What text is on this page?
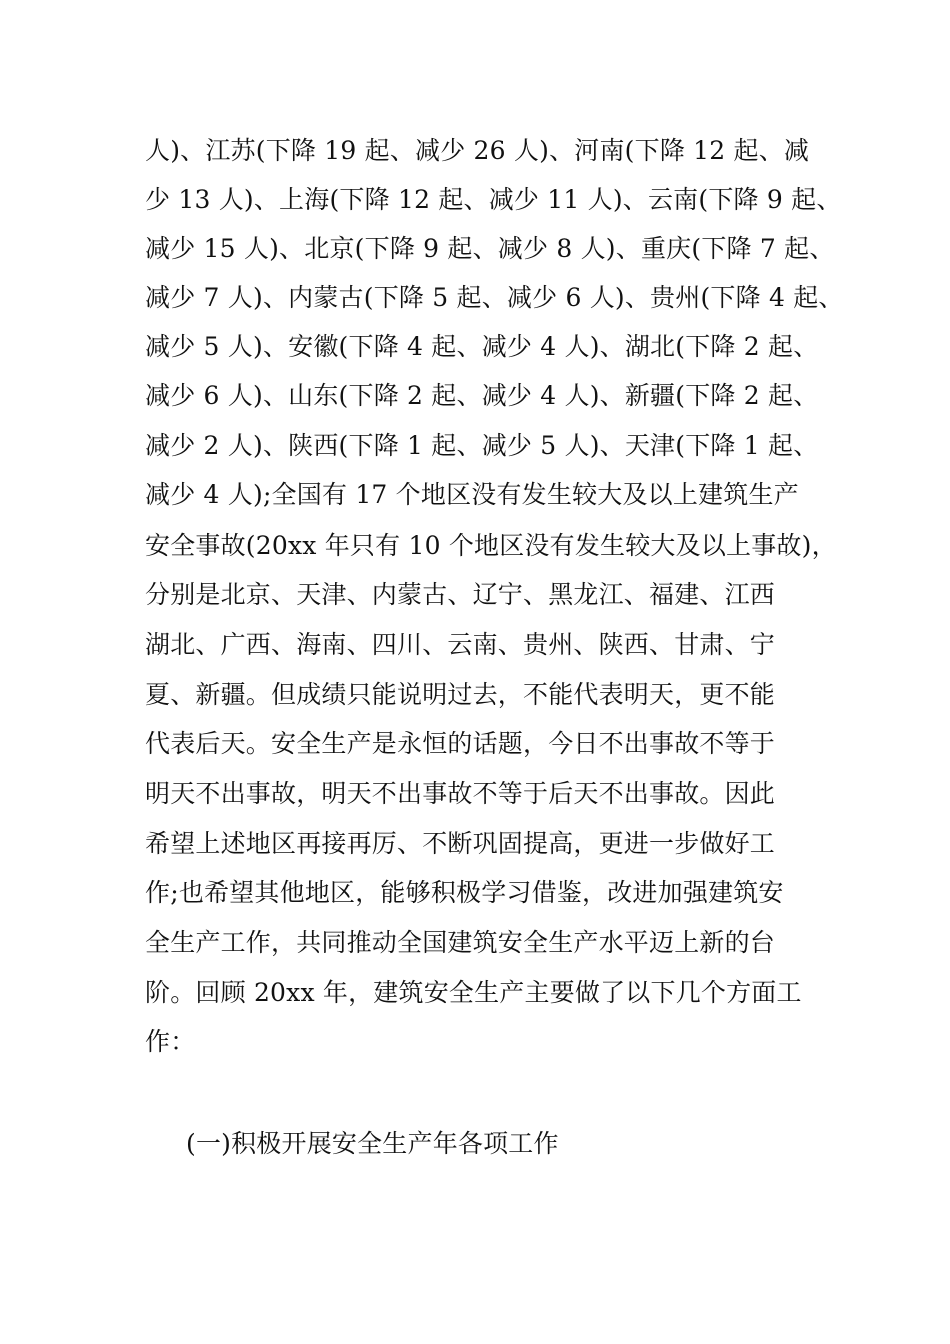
人)、江苏(下降 19 起、减少 26 人)、河南(下降 12 起、减
少 13 人)、上海(下降 12 起、减少 11 人)、云南(下降 9 起、
减少 15 人)、北京(下降 9 起、减少 8 人)、重庆(下降 7 起、
减少 7 人)、内蒙古(下降 5 起、减少 6 人)、贵州(下降 4 起、
减少 5 人)、安徽(下降 4 起、减少 4 人)、湖北(下降 2 起、
减少 6 人)、山东(下降 2 起、减少 4 人)、新疆(下降 2 起、
减少 2 人)、陕西(下降 1 起、减少 5 人)、天津(下降 1 起、
减少 4 人);全国有 17 个地区没有发生较大及以上建筑生产
安全事故(20xx 年只有 10 个地区没有发生较大及以上事故)，
分别是北京、天津、内蒙古、辽宁、黑龙江、福建、江西
湖北、广西、海南、四川、云南、贵州、陕西、甘肃、宁
夏、新疆。但成绩只能说明过去，不能代表明天，更不能
代表后天。安全生产是永恒的话题，今日不出事故不等于
明天不出事故，明天不出事故不等于后天不出事故。因此
希望上述地区再接再厉、不断巩固提高，更进一步做好工
作;也希望其他地区，能够积极学习借鉴，改进加强建筑安
全生产工作，共同推动全国建筑安全生产水平迈上新的台
阶。回顾 20xx 年，建筑安全生产主要做了以下几个方面工
作：
(一)积极开展安全生产年各项工作
